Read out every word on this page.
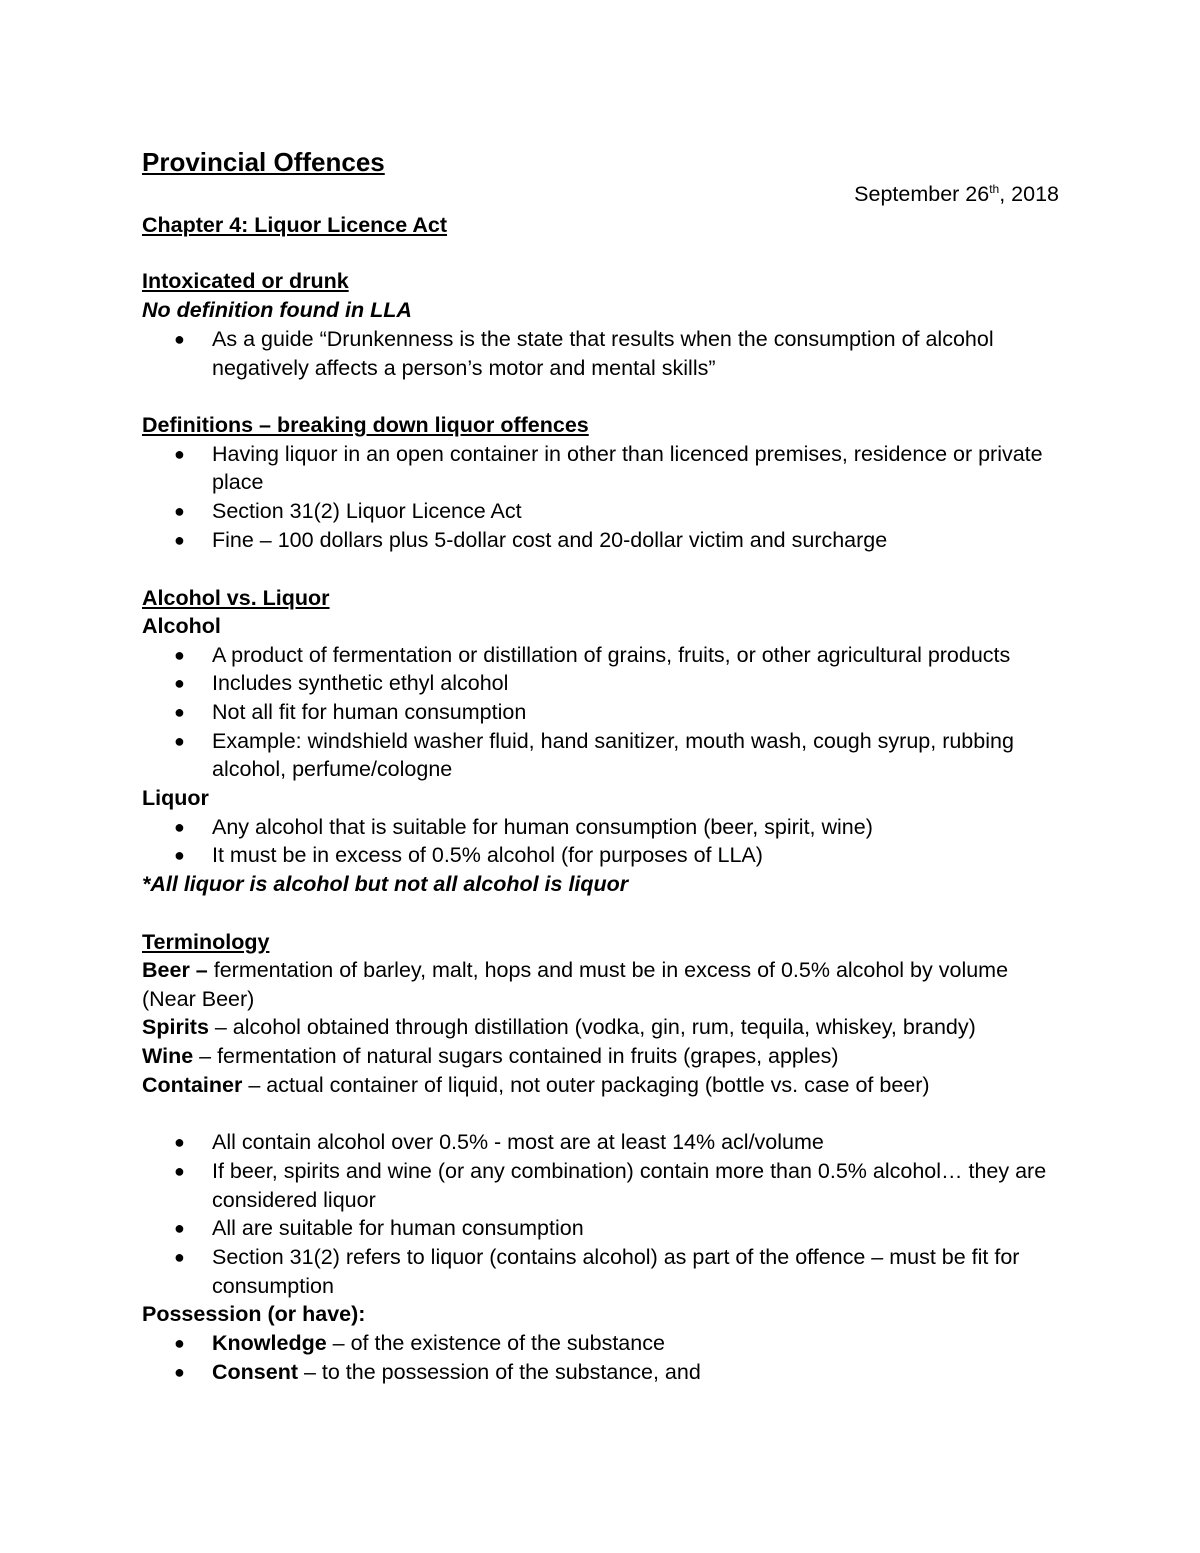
Provincial Offences
September 26th, 2018
Chapter 4: Liquor Licence Act
Intoxicated or drunk
No definition found in LLA
● As a guide “Drunkenness is the state that results when the consumption of alcohol
negatively affects a person’s motor and mental skills”
Definitions – breaking down liquor offences
● Having liquor in an open container in other than licenced premises, residence or private
place
● Section 31(2) Liquor Licence Act
● Fine – 100 dollars plus 5-dollar cost and 20-dollar victim and surcharge
Alcohol vs. Liquor
Alcohol
● A product of fermentation or distillation of grains, fruits, or other agricultural products
● Includes synthetic ethyl alcohol
● Not all fit for human consumption
● Example: windshield washer fluid, hand sanitizer, mouth wash, cough syrup, rubbing
alcohol, perfume/cologne
Liquor
● Any alcohol that is suitable for human consumption (beer, spirit, wine)
● It must be in excess of 0.5% alcohol (for purposes of LLA)
*All liquor is alcohol but not all alcohol is liquor
Terminology
Beer – fermentation of barley, malt, hops and must be in excess of 0.5% alcohol by volume
(Near Beer)
Spirits – alcohol obtained through distillation (vodka, gin, rum, tequila, whiskey, brandy)
Wine – fermentation of natural sugars contained in fruits (grapes, apples)
Container – actual container of liquid, not outer packaging (bottle vs. case of beer)
● All contain alcohol over 0.5% - most are at least 14% acl/volume
● If beer, spirits and wine (or any combination) contain more than 0.5% alcohol… they are
considered liquor
● All are suitable for human consumption
● Section 31(2) refers to liquor (contains alcohol) as part of the offence – must be fit for
consumption
Possession (or have):
● Knowledge – of the existence of the substance
● Consent – to the possession of the substance, and
